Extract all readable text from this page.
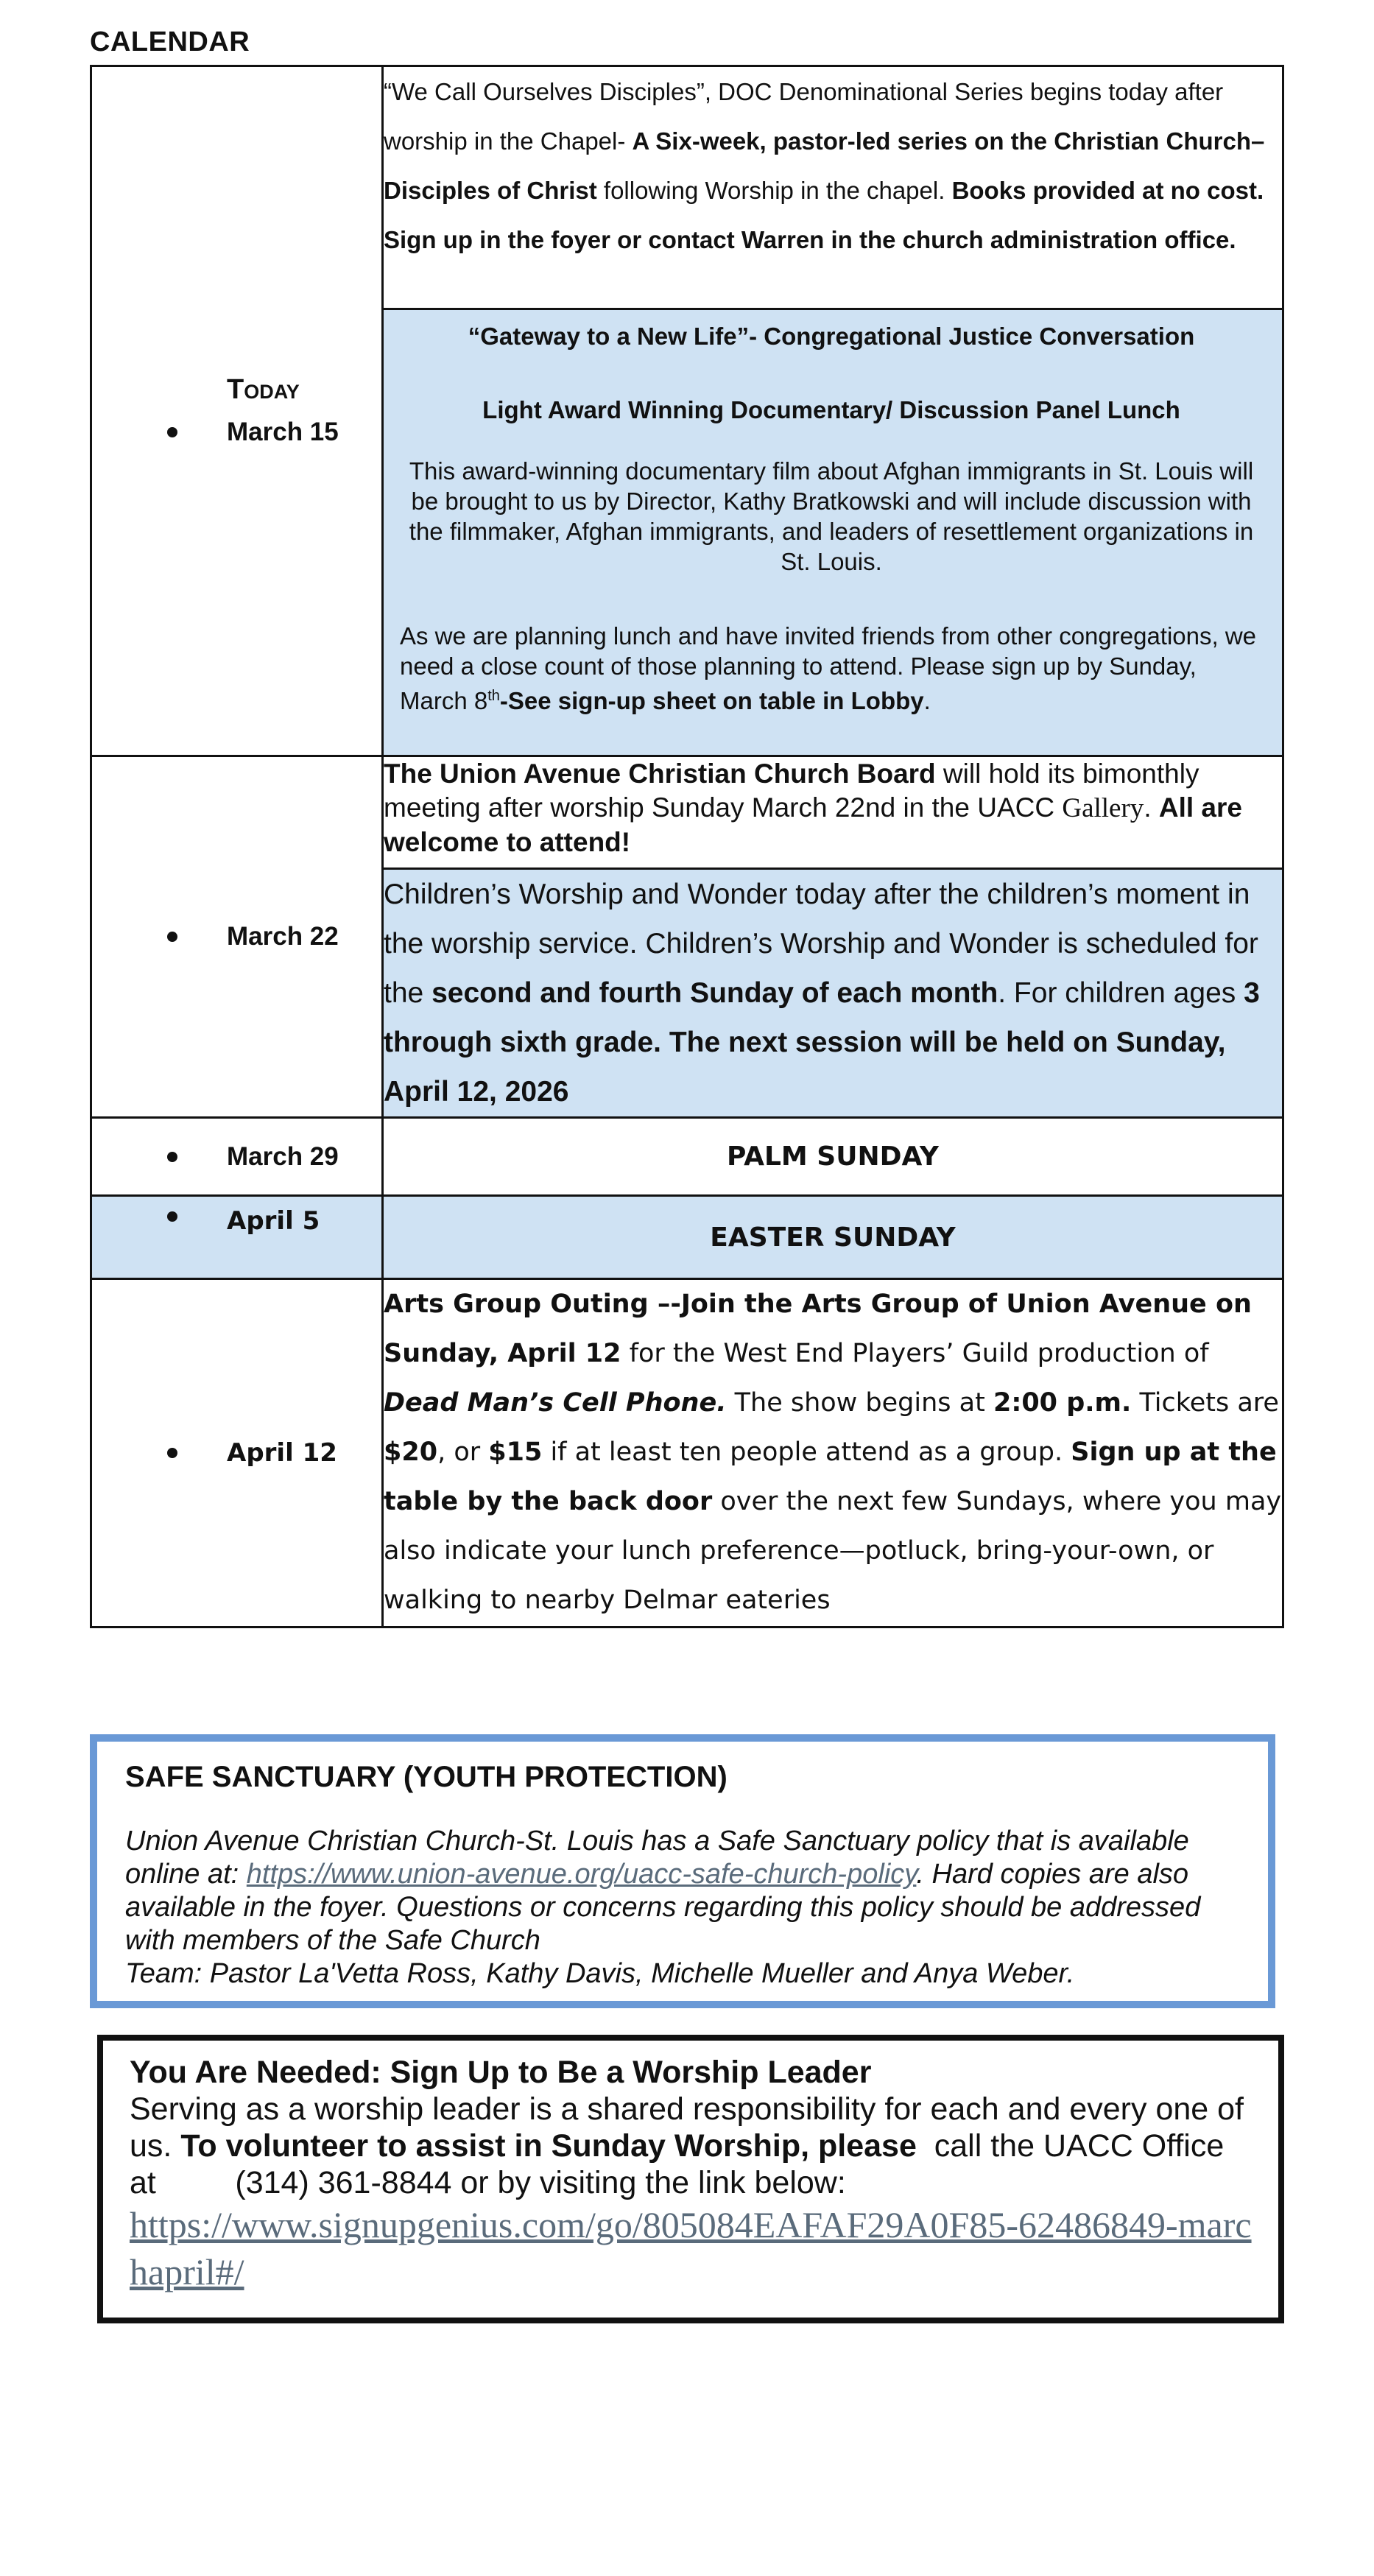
CALENDAR
Today
March 15	“We Call Ourselves Disciples”, DOC Denominational Series begins today after worship in the Chapel- A Six-week, pastor-led series on the Christian Church–Disciples of Christ following Worship in the chapel. Books provided at no cost. Sign up in the foyer or contact Warren in the church administration office.

	“Gateway to a New Life”- Congregational Justice Conversation
Light Award Winning Documentary/ Discussion Panel Lunch
This award-winning documentary film about Afghan immigrants in St. Louis will be brought to us by Director, Kathy Bratkowski and will include discussion with the filmmaker, Afghan immigrants, and leaders of resettlement organizations in St. Louis.
As we are planning lunch and have invited friends from other congregations, we need a close count of those planning to attend. Please sign up by Sunday, March 8th-See sign-up sheet on table in Lobby.

March 22	The Union Avenue Christian Church Board will hold its bimonthly meeting after worship Sunday March 22nd in the UACC Gallery. All are welcome to attend!
	Children’s Worship and Wonder today after the children’s moment in the worship service. Children’s Worship and Wonder is scheduled for the second and fourth Sunday of each month. For children ages 3 through sixth grade. The next session will be held on Sunday, April 12, 2026

March 29	PALM SUNDAY

April 5	EASTER SUNDAY

April 12	Arts Group Outing –-Join the Arts Group of Union Avenue on Sunday, April 12 for the West End Players’ Guild production of Dead Man’s Cell Phone. The show begins at 2:00 p.m. Tickets are $20, or $15 if at least ten people attend as a group. Sign up at the table by the back door over the next few Sundays, where you may also indicate your lunch preference—potluck, bring-your-own, or walking to nearby Delmar eateries
SAFE SANCTUARY (YOUTH PROTECTION)
Union Avenue Christian Church-St. Louis has a Safe Sanctuary policy that is available online at: https://www.union-avenue.org/uacc-safe-church-policy. Hard copies are also available in the foyer. Questions or concerns regarding this policy should be addressed with members of the Safe Church
Team: Pastor La'Vetta Ross, Kathy Davis, Michelle Mueller and Anya Weber.
You Are Needed: Sign Up to Be a Worship Leader
Serving as a worship leader is a shared responsibility for each and every one of us. To volunteer to assist in Sunday Worship, please  call the UACC Office at         (314) 361-8844 or by visiting the link below:
https://www.signupgenius.com/go/805084EAFAF29A0F85-62486849-marchapril#/
